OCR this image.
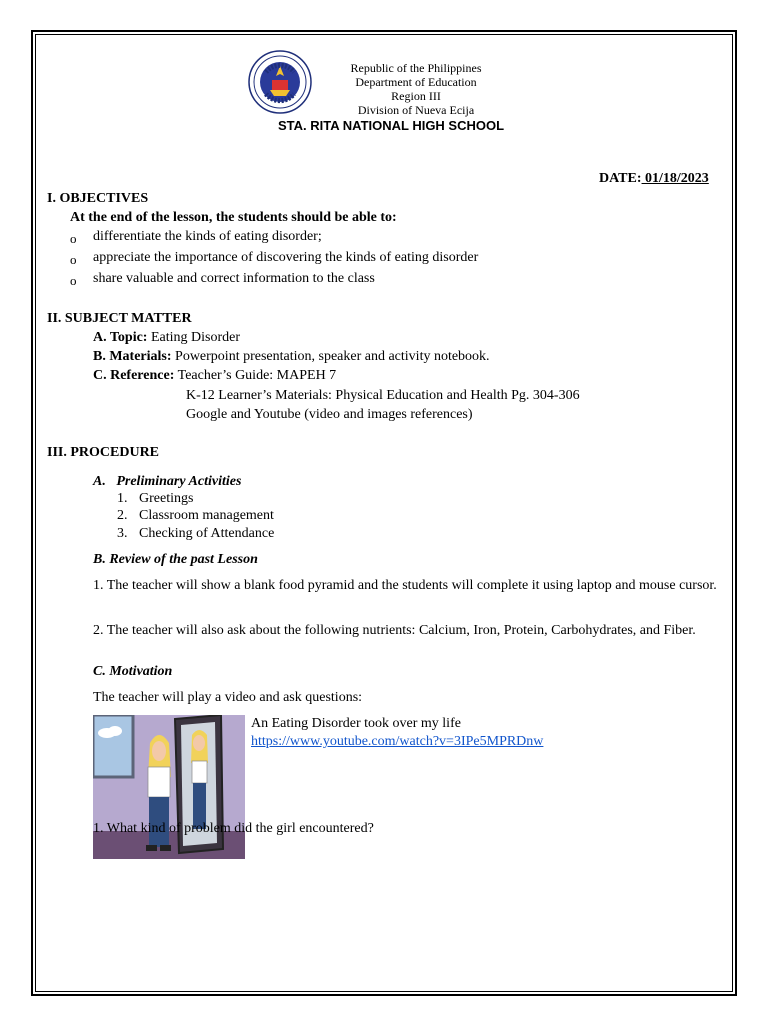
Republic of the Philippines
Department of Education
Region III
Division of Nueva Ecija
STA. RITA NATIONAL HIGH SCHOOL
DATE: 01/18/2023
I. OBJECTIVES
At the end of the lesson, the students should be able to:
o differentiate the kinds of eating disorder;
o appreciate the importance of discovering the kinds of eating disorder
o share valuable and correct information to the class
II. SUBJECT MATTER
A. Topic: Eating Disorder
B. Materials: Powerpoint presentation, speaker and activity notebook.
C. Reference: Teacher’s Guide: MAPEH 7
K-12 Learner’s Materials: Physical Education and Health Pg. 304-306
Google and Youtube (video and images references)
III. PROCEDURE
A.   Preliminary Activities
1. Greetings
2. Classroom management
3. Checking of Attendance
B. Review of the past Lesson
1. The teacher will show a blank food pyramid and the students will complete it using laptop and mouse cursor.
2. The teacher will also ask about the following nutrients: Calcium, Iron, Protein, Carbohydrates, and Fiber.
C. Motivation
The teacher will play a video and ask questions:
An Eating Disorder took over my life
https://www.youtube.com/watch?v=3IPe5MPRDnw
1. What kind of problem did the girl encountered?
